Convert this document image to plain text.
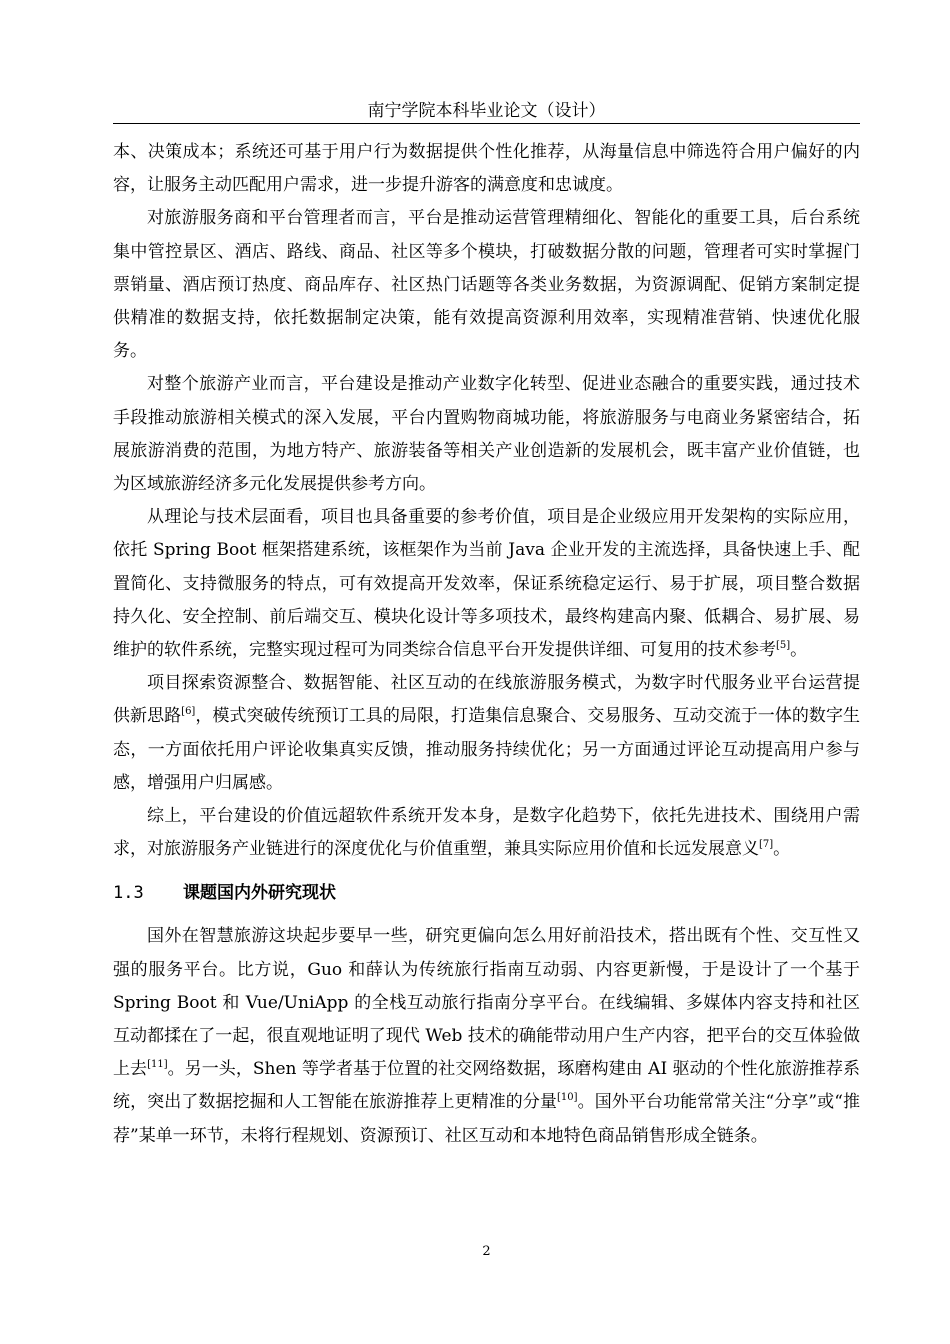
南宁学院本科毕业论文（设计）

本、决策成本；系统还可基于用户行为数据提供个性化推荐，从海量信息中筛选符合用户偏好的内容，让服务主动匹配用户需求，进一步提升游客的满意度和忠诚度。

对旅游服务商和平台管理者而言，平台是推动运营管理精细化、智能化的重要工具，后台系统集中管控景区、酒店、路线、商品、社区等多个模块，打破数据分散的问题，管理者可实时掌握门票销量、酒店预订热度、商品库存、社区热门话题等各类业务数据，为资源调配、促销方案制定提供精准的数据支持，依托数据制定决策，能有效提高资源利用效率，实现精准营销、快速优化服务。

对整个旅游产业而言，平台建设是推动产业数字化转型、促进业态融合的重要实践，通过技术手段推动旅游相关模式的深入发展，平台内置购物商城功能，将旅游服务与电商业务紧密结合，拓展旅游消费的范围，为地方特产、旅游装备等相关产业创造新的发展机会，既丰富产业价值链，也为区域旅游经济多元化发展提供参考方向。

从理论与技术层面看，项目也具备重要的参考价值，项目是企业级应用开发架构的实际应用，依托 Spring Boot 框架搭建系统，该框架作为当前 Java 企业开发的主流选择，具备快速上手、配置简化、支持微服务的特点，可有效提高开发效率，保证系统稳定运行、易于扩展，项目整合数据持久化、安全控制、前后端交互、模块化设计等多项技术，最终构建高内聚、低耦合、易扩展、易维护的软件系统，完整实现过程可为同类综合信息平台开发提供详细、可复用的技术参考[5]。

项目探索资源整合、数据智能、社区互动的在线旅游服务模式，为数字时代服务业平台运营提供新思路[6]，模式突破传统预订工具的局限，打造集信息聚合、交易服务、互动交流于一体的数字生态，一方面依托用户评论收集真实反馈，推动服务持续优化；另一方面通过评论互动提高用户参与感，增强用户归属感。

综上，平台建设的价值远超软件系统开发本身，是数字化趋势下，依托先进技术、围绕用户需求，对旅游服务产业链进行的深度优化与价值重塑，兼具实际应用价值和长远发展意义[7]。

1.3	课题国内外研究现状

国外在智慧旅游这块起步要早一些，研究更偏向怎么用好前沿技术，搭出既有个性、交互性又强的服务平台。比方说，Guo 和薛认为传统旅行指南互动弱、内容更新慢，于是设计了一个基于 Spring Boot 和 Vue/UniApp 的全栈互动旅行指南分享平台。在线编辑、多媒体内容支持和社区互动都揉在了一起，很直观地证明了现代 Web 技术的确能带动用户生产内容，把平台的交互体验做上去[11]。另一头，Shen 等学者基于位置的社交网络数据，琢磨构建由 AI 驱动的个性化旅游推荐系统，突出了数据挖掘和人工智能在旅游推荐上更精准的分量[10]。国外平台功能常常关注“分享”或“推荐”某单一环节，未将行程规划、资源预订、社区互动和本地特色商品销售形成全链条。

2
